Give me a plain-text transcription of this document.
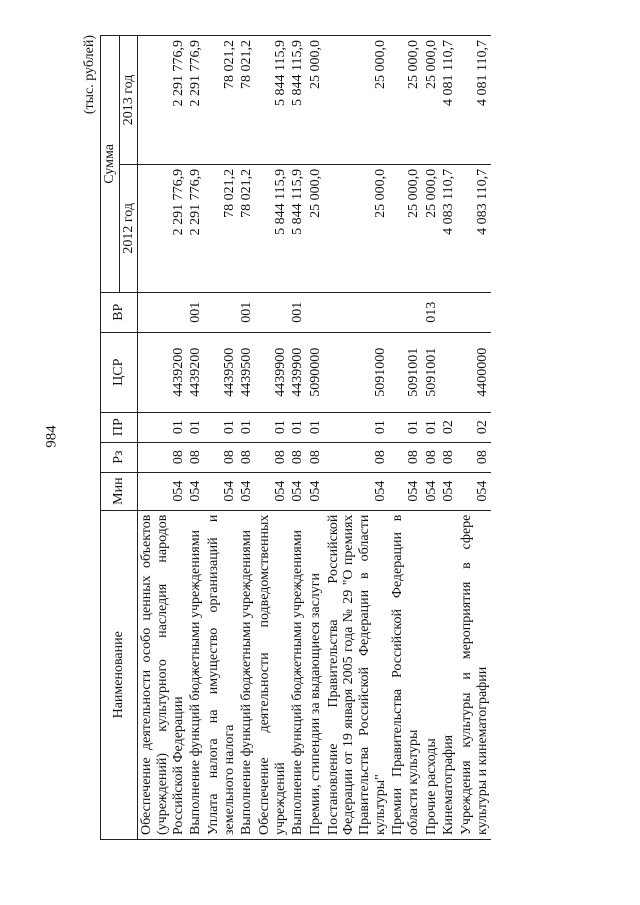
984
(тыс. рублей)
Наименование	Мин	Рз	ПР	ЦСР	ВР	Сумма	
						2012 год	2013 год
Обеспечение деятельности особо ценных объектов (учреждений) культурного наследия народов Российской Федерации	054	08	01	4439200		2 291 776,9	2 291 776,9
Выполнение функций бюджетными учреждениями	054	08	01	4439200	001	2 291 776,9	2 291 776,9
Уплата налога на имущество организаций и земельного налога	054	08	01	4439500		78 021,2	78 021,2
Выполнение функций бюджетными учреждениями	054	08	01	4439500	001	78 021,2	78 021,2
Обеспечение деятельности подведомственных учреждений	054	08	01	4439900		5 844 115,9	5 844 115,9
Выполнение функций бюджетными учреждениями	054	08	01	4439900	001	5 844 115,9	5 844 115,9
Премии, стипендии за выдающиеся заслуги	054	08	01	5090000		25 000,0	25 000,0
Постановление Правительства Российской Федерации от 19 января 2005 года № 29 "О премиях Правительства Российской Федерации в области культуры"	054	08	01	5091000		25 000,0	25 000,0
Премии Правительства Российской Федерации в области культуры	054	08	01	5091001		25 000,0	25 000,0
Прочие расходы	054	08	01	5091001	013	25 000,0	25 000,0
Кинематография	054	08	02			4 083 110,7	4 081 110,7
Учреждения культуры и мероприятия в сфере культуры и кинематографии	054	08	02	4400000		4 083 110,7	4 081 110,7
